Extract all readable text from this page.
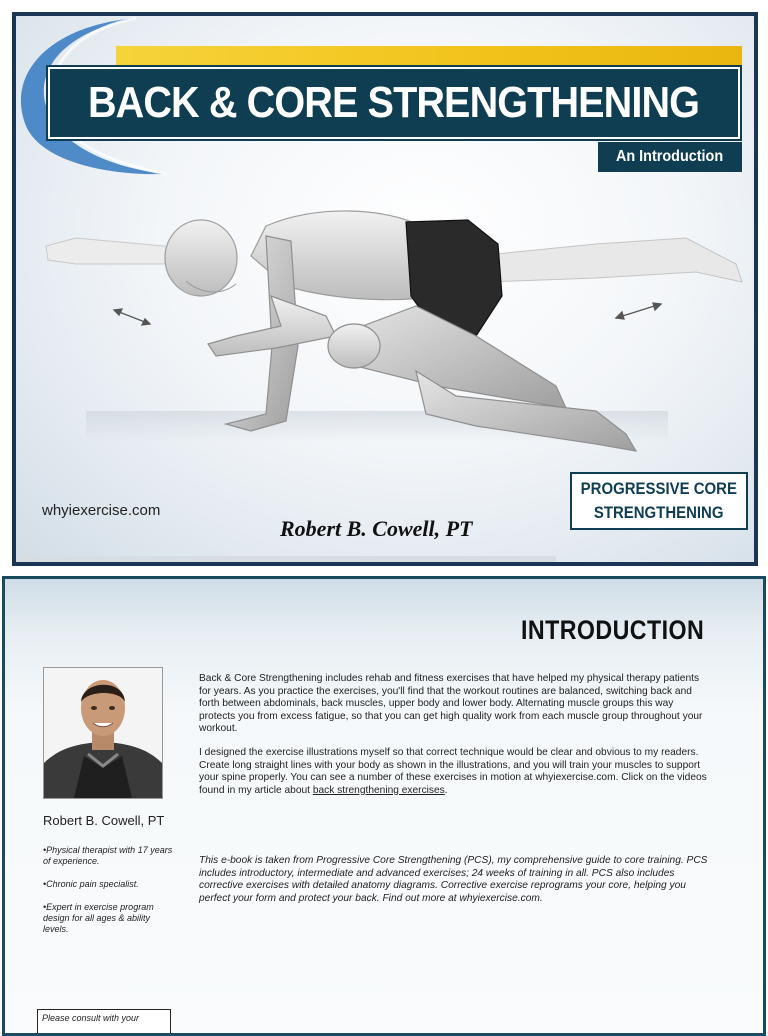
BACK & CORE STRENGTHENING
An Introduction
whyiexercise.com
Robert B. Cowell, PT
PROGRESSIVE CORE
STRENGTHENING
INTRODUCTION
Robert B. Cowell, PT
•Physical therapist with 17 years of experience.
•Chronic pain specialist.
•Expert in exercise program design for all ages & ability levels.
Back & Core Strengthening includes rehab and fitness exercises that have helped my physical therapy patients for years. As you practice the exercises, you'll find that the workout routines are balanced, switching back and forth between abdominals, back muscles, upper body and lower body. Alternating muscle groups this way protects you from excess fatigue, so that you can get high quality work from each muscle group throughout your workout.
I designed the exercise illustrations myself so that correct technique would be clear and obvious to my readers. Create long straight lines with your body as shown in the illustrations, and you will train your muscles to support your spine properly. You can see a number of these exercises in motion at whyiexercise.com. Click on the videos found in my article about back strengthening exercises.
This e-book is taken from Progressive Core Strengthening (PCS), my comprehensive guide to core training. PCS includes introductory, intermediate and advanced exercises; 24 weeks of training in all. PCS also includes corrective exercises with detailed anatomy diagrams. Corrective exercise reprograms your core, helping you perfect your form and protect your back. Find out more at whyiexercise.com.
Please consult with your
